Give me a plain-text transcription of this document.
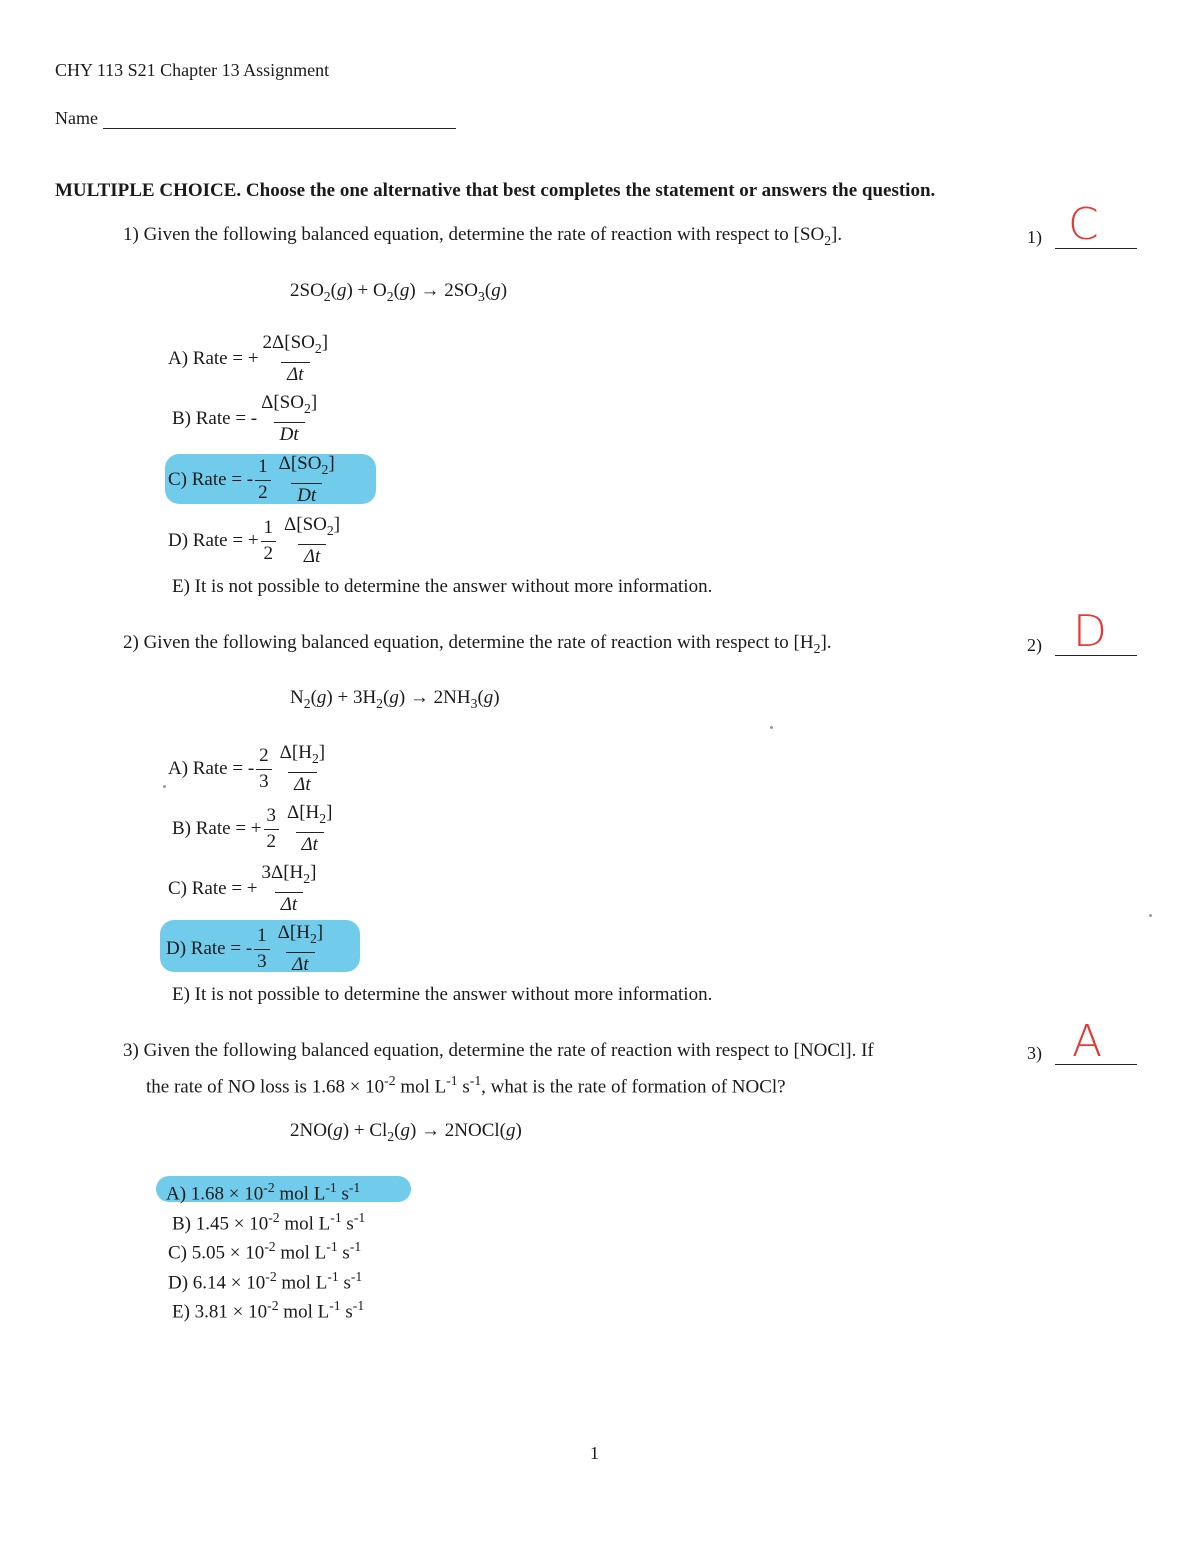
CHY 113 S21 Chapter 13 Assignment
Name
MULTIPLE CHOICE. Choose the one alternative that best completes the statement or answers the question.
1) Given the following balanced equation, determine the rate of reaction with respect to $[SO_2]$.	1) C
$2SO_2(g) + O_2(g) \to 2SO_3(g)$
A) Rate = + $\frac{2\Delta[SO_2]}{\Delta t}$
B) Rate = - $\frac{\Delta[SO_2]}{Dt}$
C) Rate = - $\frac{1}{2} \frac{\Delta[SO_2]}{Dt}$
D) Rate = + $\frac{1}{2} \frac{\Delta[SO_2]}{\Delta t}$
E) It is not possible to determine the answer without more information.
2) Given the following balanced equation, determine the rate of reaction with respect to $[H_2]$.	2) D
$N_2(g) + 3H_2(g) \to 2NH_3(g)$
A) Rate = - $\frac{2}{3} \frac{\Delta[H_2]}{\Delta t}$
B) Rate = + $\frac{3}{2} \frac{\Delta[H_2]}{\Delta t}$
C) Rate = + $\frac{3\Delta[H_2]}{\Delta t}$
D) Rate = - $\frac{1}{3} \frac{\Delta[H_2]}{\Delta t}$
E) It is not possible to determine the answer without more information.
3) Given the following balanced equation, determine the rate of reaction with respect to [NOCl]. If
the rate of NO loss is $1.68 \times 10^{-2}$ mol $L^{-1}$ $s^{-1}$, what is the rate of formation of NOCl?
3) A
$2NO(g) + Cl_2(g)$ → 2NOCl(g)
A) $1.68 \times 10^{-2}$ mol $L^{-1}$ $s^{-1}$
B) $1.45 \times 10^{-2}$ mol $L^{-1}$ $s^{-1}$
C) $5.05 \times 10^{-2}$ mol $L^{-1}$ $s^{-1}$
D) $6.14 \times 10^{-2}$ mol $L^{-1}$ $s^{-1}$
E) $3.81 \times 10^{-2}$ mol $L^{-1}$ $s^{-1}$
1
